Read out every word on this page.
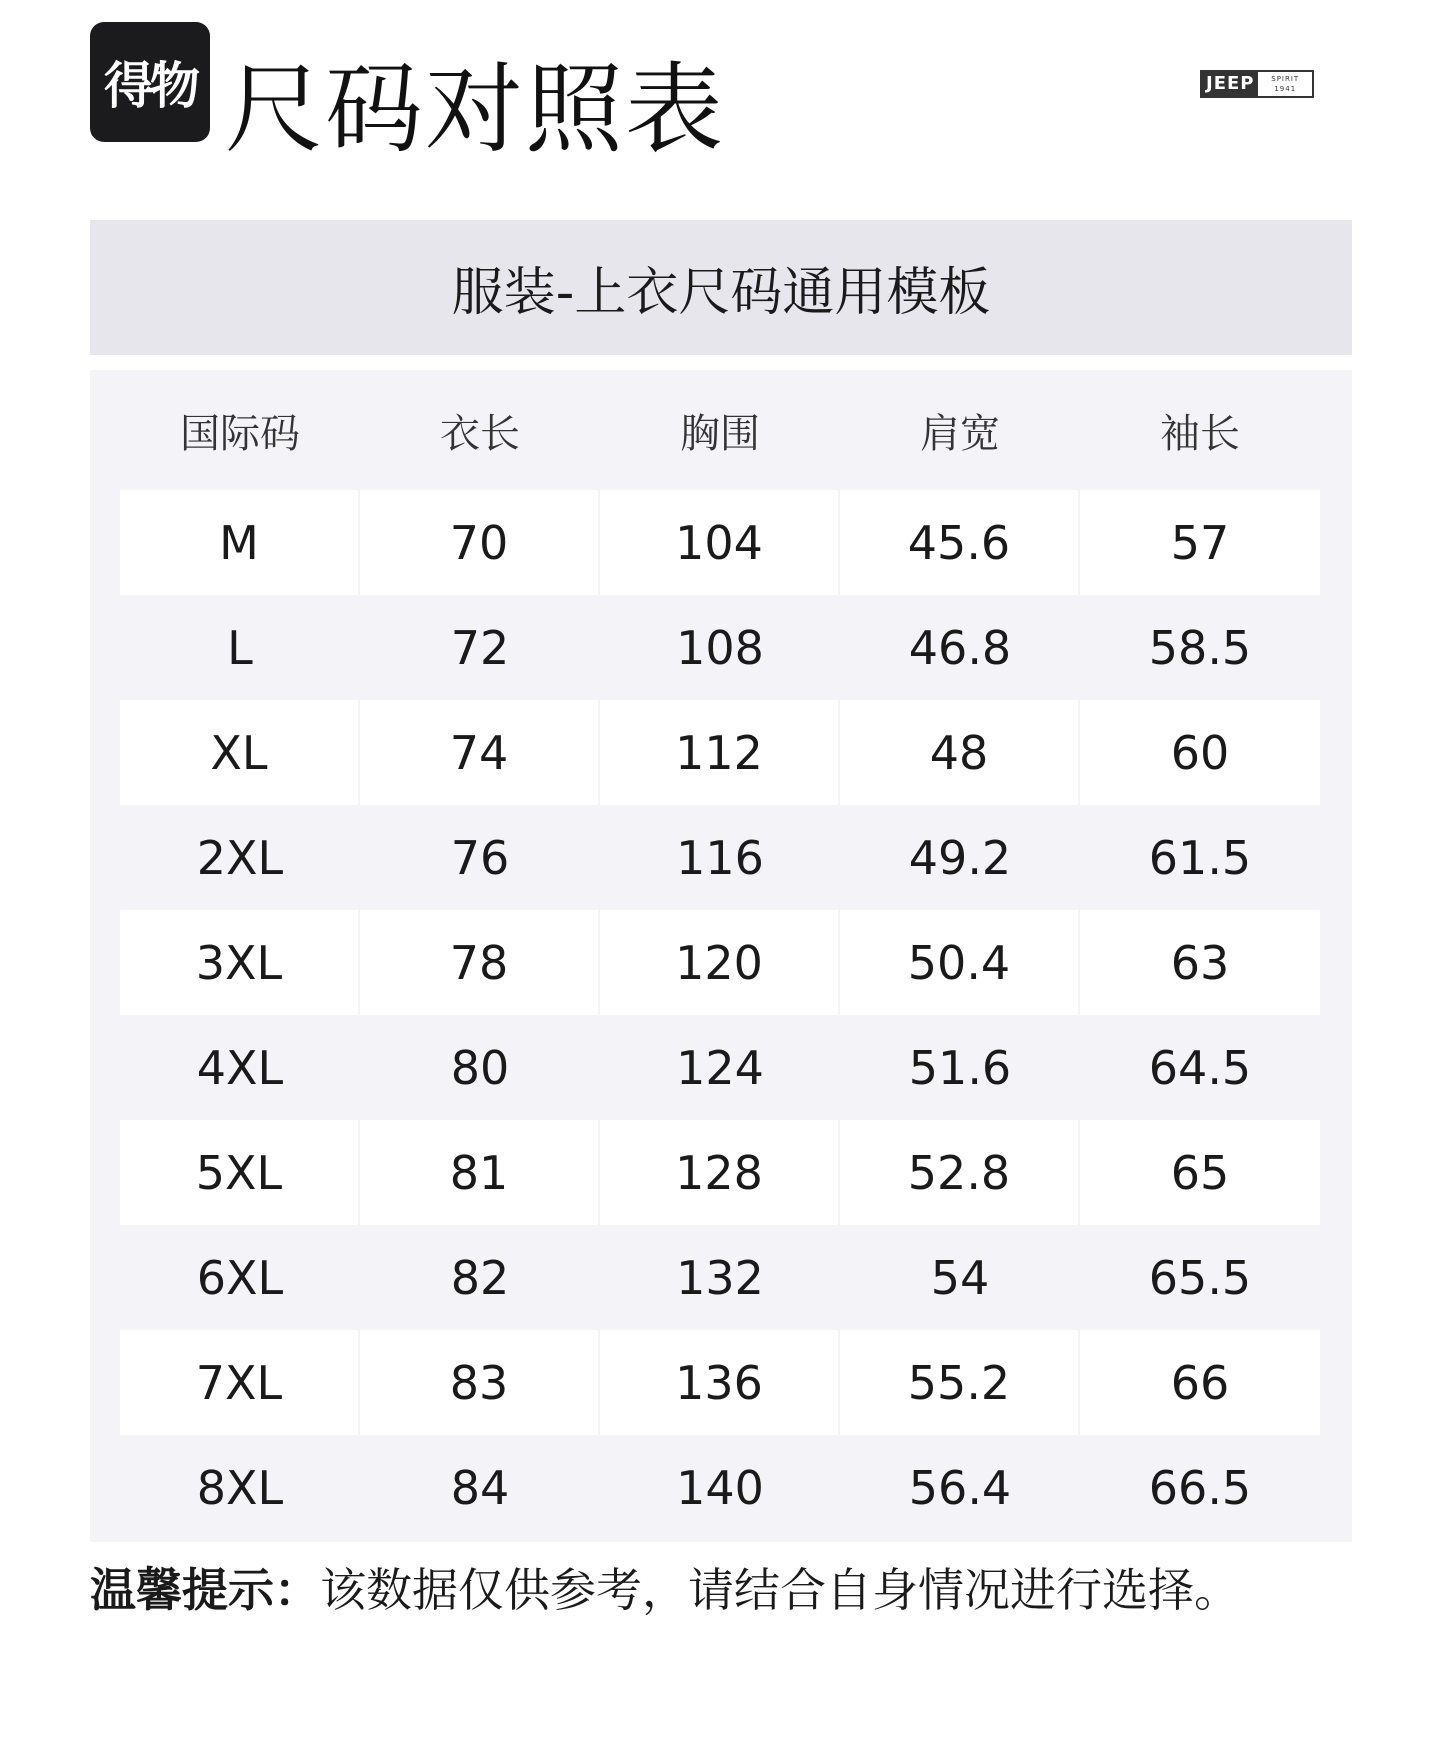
得物 尺码对照表	JEEP	SPIRIT
1941
服装-上衣尺码通用模板
国际码	衣长	胸围	肩宽	袖长
M	70	104	45.6	57
L	72	108	46.8	58.5
XL	74	112	48	60
2XL	76	116	49.2	61.5
3XL	78	120	50.4	63
4XL	80	124	51.6	64.5
5XL	81	128	52.8	65
6XL	82	132	54	65.5
7XL	83	136	55.2	66
8XL	84	140	56.4	66.5
温馨提示：该数据仅供参考，请结合自身情况进行选择。
